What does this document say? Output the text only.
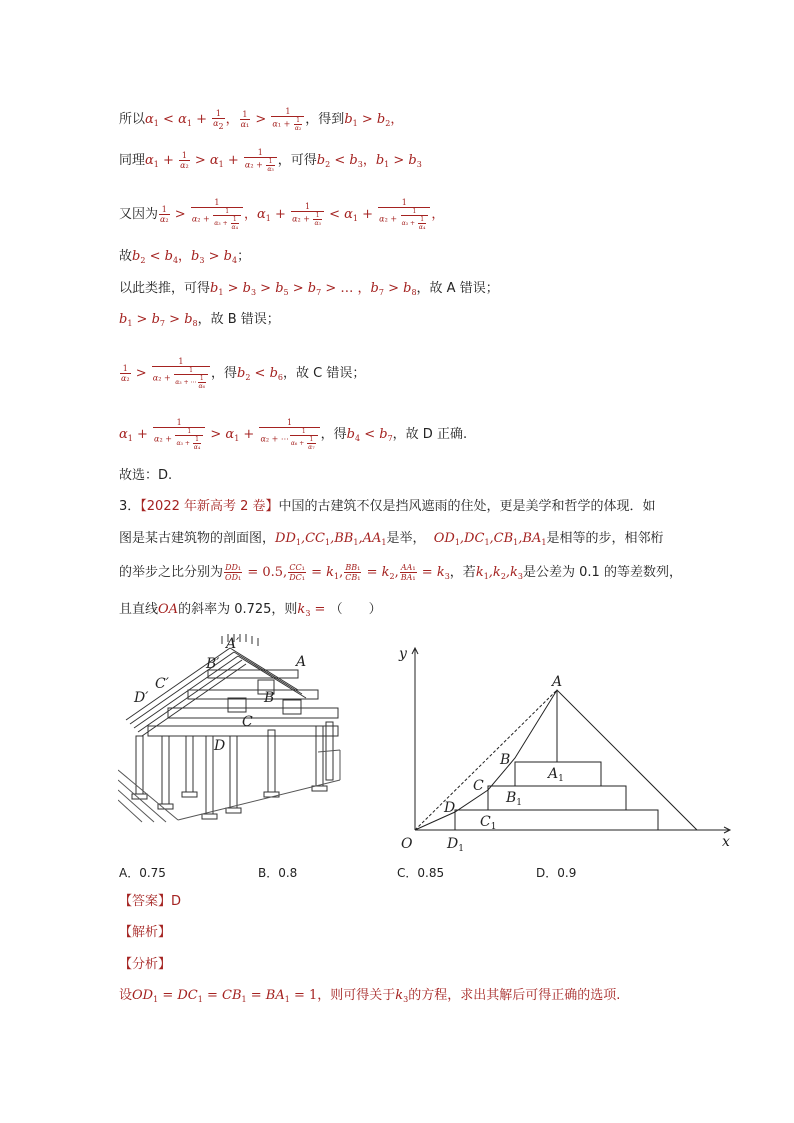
所以$\alpha_1 < \alpha_1 + \frac{1}{\alpha 2}$ ， $\frac{1}{\text{α₁}} > \frac{1}{\alpha_1 + \frac{1}{\text{α₂}}}$ ，得到$b_1 > b_2$，
同理$\alpha_1 + \frac{1}{\text{α₂}} > \alpha_1 + \frac{1}{\alpha_2 + \frac{1}{\text{α₃}}}$ ，可得$b_2 < b_3$，$b_1 > b_3$
又因为 $\frac{1}{\text{α₂}} > \frac{1}{\alpha_2 + \frac{1}{\alpha_3 + \frac{1}{\text{α₄}}}}$ ，$\alpha_1 + \frac{1}{\alpha_2 + \frac{1}{\text{α₃}}} < \alpha_1 + \frac{1}{\alpha_2 + \frac{1}{\alpha_3 + \frac{1}{\text{α₄}}}}$ ，
故$b_2 < b_4$，$b_3 > b_4$；
以此类推，可得$b_1 > b_3 > b_5 > b_7$ > … ，$b_7 > b_8$，故 A 错误；
$b_1 > b_7 > b_8$，故 B 错误；
$\frac{1}{\text{α₂}} > \frac{1}{\alpha_2 + \frac{1}{\alpha_3 + \cdots \frac{1}{\text{α₆}}}}$ ，得$b_2 < b_6$，故 C 错误；
$\alpha_1 + \frac{1}{\alpha_2 + \frac{1}{\alpha_3 + \frac{1}{\text{α₄}}}} > \alpha_1 + \frac{1}{\alpha_2 + \cdots \frac{1}{\alpha_6 + \frac{1}{\text{α₇}}}}$ ，得$b_4 < b_7$，故 D 正确.
故选：D.
3．【2022 年新高考 2 卷】中国的古建筑不仅是挡风遮雨的住处，更是美学和哲学的体现．如
图是某古建筑物的剖面图，$DD_1,CC_1,BB_1,AA_1$是举， $OD_1,DC_1,CB_1,BA_1$是相等的步，相邻桁
的举步之比分别为 $\frac{\text{DD₁}}{\text{OD₁}} = 0.5$, $\frac{\text{CC₁}}{\text{DC₁}} = k_1$, $\frac{\text{BB₁}}{\text{CB₁}} = k_2$, $\frac{\text{AA₁}}{\text{BA₁}} = k_3$，若$k_1,k_2,k_3$是公差为 0.1 的等差数列，
且直线OA的斜率为 0.725，则$k_3$ = （　　）
A′
B′
C′
D′
A
B
C
D
y
x
O
A
B
C
D
$A_1$
$B_1$
$C_1$
$D_1$
A．0.75	B．0.8	C．0.85	D．0.9
【答案】D
【解析】
【分析】
设$OD_1 = DC_1 = CB_1 = BA_1 = 1$，则可得关于$k_3$的方程，求出其解后可得正确的选项.
